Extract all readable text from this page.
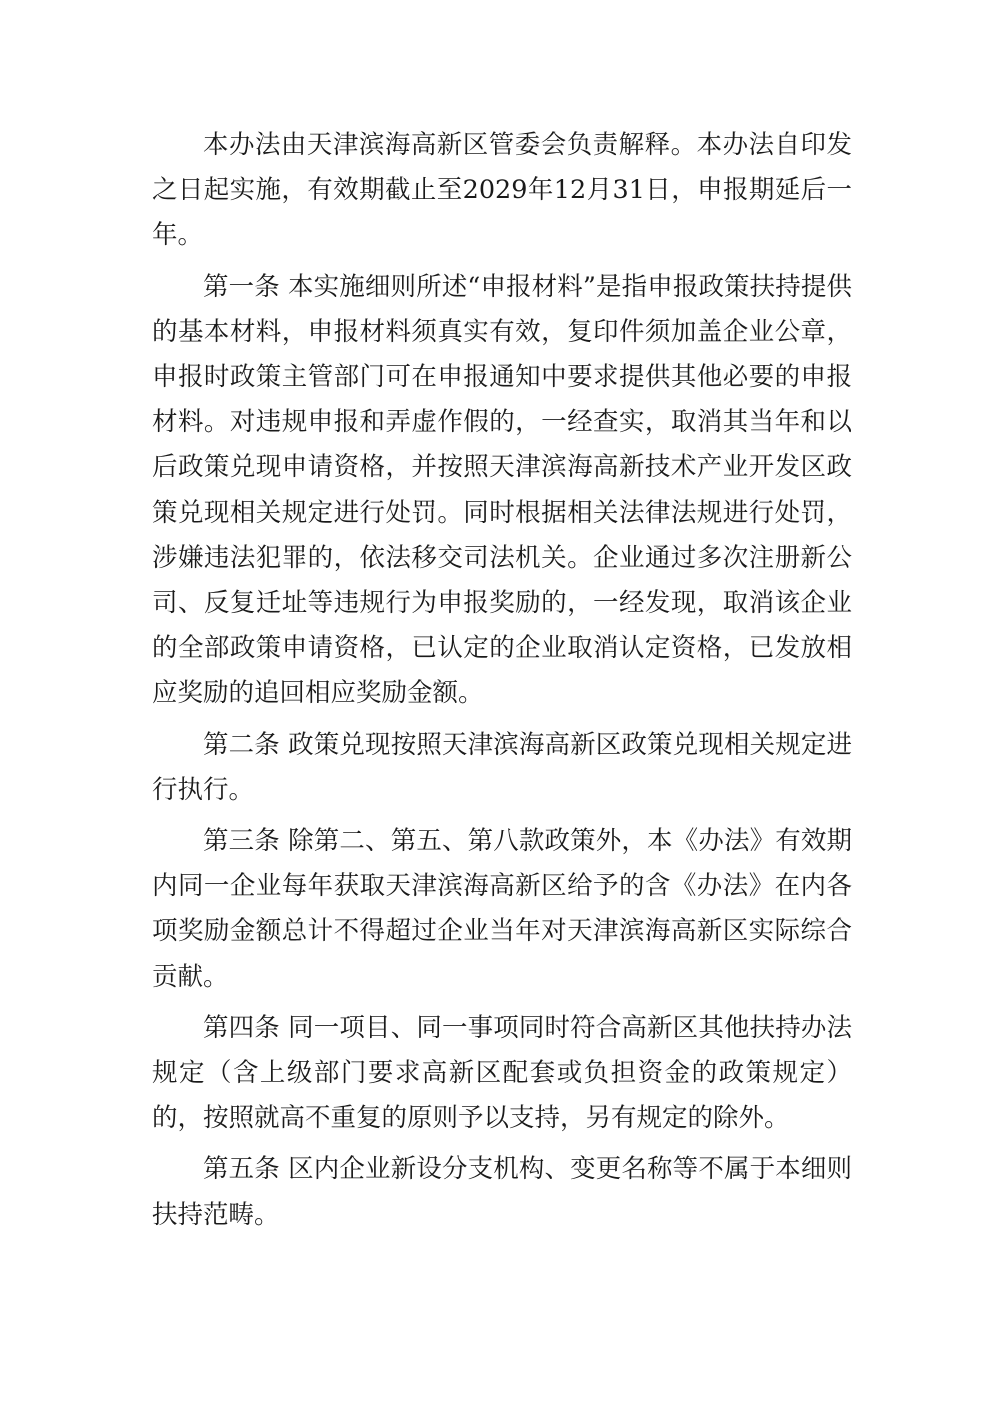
本办法由天津滨海高新区管委会负责解释。本办法自印发之日起实施，有效期截止至2029年12月31日，申报期延后一年。

第一条 本实施细则所述“申报材料”是指申报政策扶持提供的基本材料，申报材料须真实有效，复印件须加盖企业公章，申报时政策主管部门可在申报通知中要求提供其他必要的申报材料。对违规申报和弄虚作假的，一经查实，取消其当年和以后政策兑现申请资格，并按照天津滨海高新技术产业开发区政策兑现相关规定进行处罚。同时根据相关法律法规进行处罚，涉嫌违法犯罪的，依法移交司法机关。企业通过多次注册新公司、反复迁址等违规行为申报奖励的，一经发现，取消该企业的全部政策申请资格，已认定的企业取消认定资格，已发放相应奖励的追回相应奖励金额。

第二条 政策兑现按照天津滨海高新区政策兑现相关规定进行执行。

第三条 除第二、第五、第八款政策外，本《办法》有效期内同一企业每年获取天津滨海高新区给予的含《办法》在内各项奖励金额总计不得超过企业当年对天津滨海高新区实际综合贡献。

第四条 同一项目、同一事项同时符合高新区其他扶持办法规定（含上级部门要求高新区配套或负担资金的政策规定）的，按照就高不重复的原则予以支持，另有规定的除外。

第五条 区内企业新设分支机构、变更名称等不属于本细则扶持范畴。
